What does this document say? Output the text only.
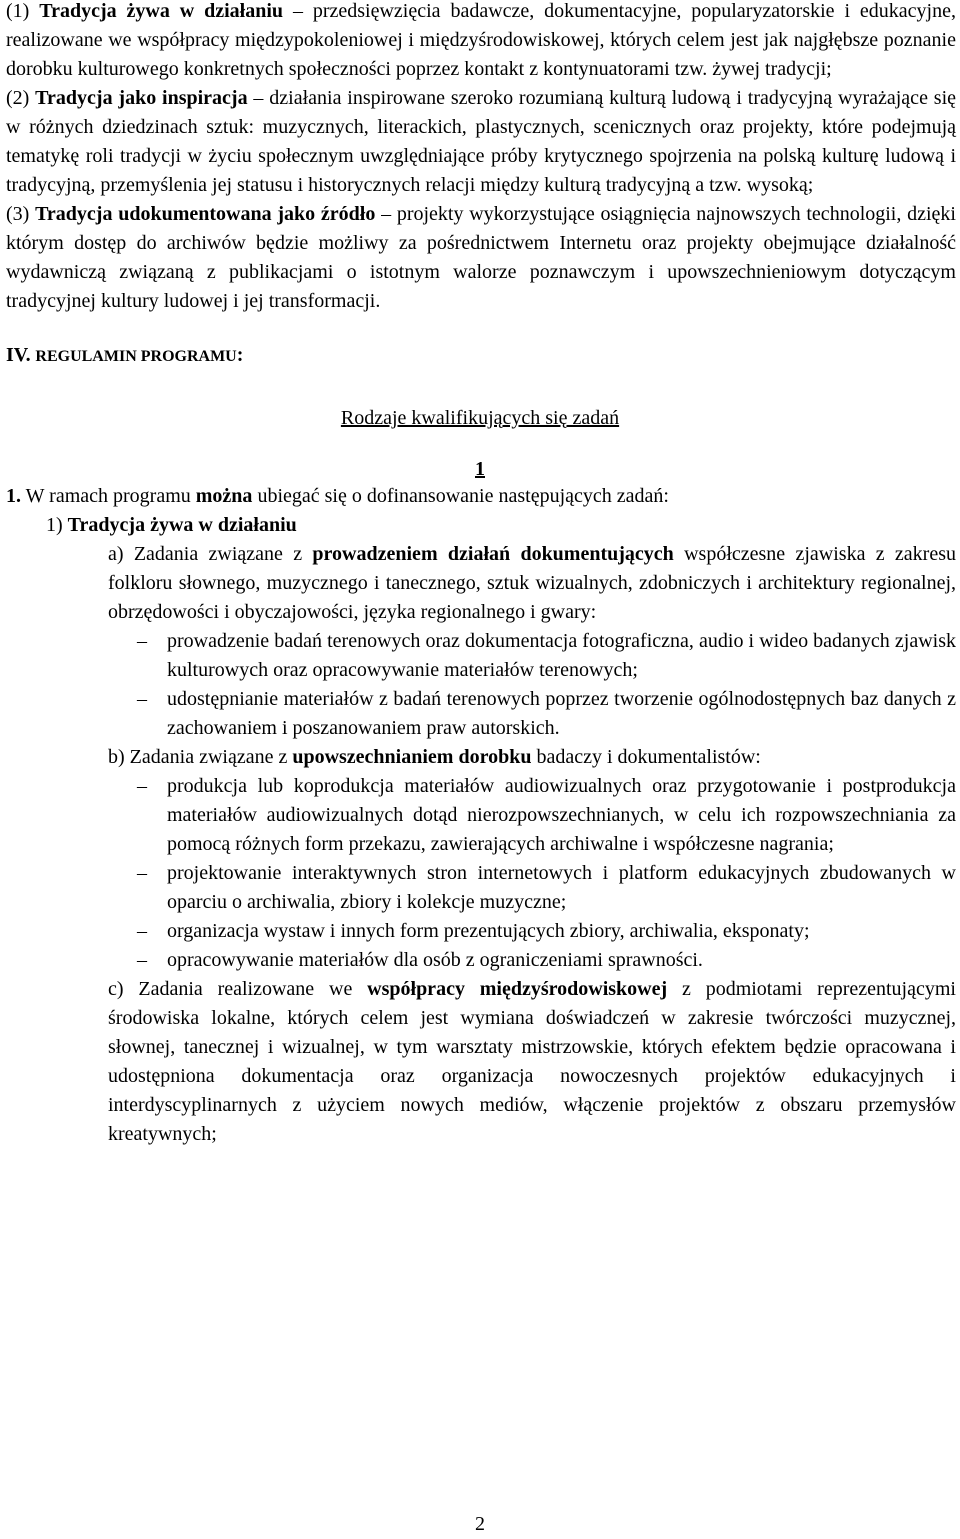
(1) Tradycja żywa w działaniu – przedsięwzięcia badawcze, dokumentacyjne, popularyzatorskie i edukacyjne, realizowane we współpracy międzypokoleniowej i międzyśrodowiskowej, których celem jest jak najgłębsze poznanie dorobku kulturowego konkretnych społeczności poprzez kontakt z kontynuatorami tzw. żywej tradycji;

(2) Tradycja jako inspiracja – działania inspirowane szeroko rozumianą kulturą ludową i tradycyjną wyrażające się w różnych dziedzinach sztuk: muzycznych, literackich, plastycznych, scenicznych oraz projekty, które podejmują tematykę roli tradycji w życiu społecznym uwzględniające próby krytycznego spojrzenia na polską kulturę ludową i tradycyjną, przemyślenia jej statusu i historycznych relacji między kulturą tradycyjną a tzw. wysoką;

(3) Tradycja udokumentowana jako źródło – projekty wykorzystujące osiągnięcia najnowszych technologii, dzięki którym dostęp do archiwów będzie możliwy za pośrednictwem Internetu oraz projekty obejmujące działalność wydawniczą związaną z publikacjami o istotnym walorze poznawczym i upowszechnieniowym dotyczącym tradycyjnej kultury ludowej i jej transformacji.

IV. REGULAMIN PROGRAMU:
Rodzaje kwalifikujących się zadań
1

1. W ramach programu można ubiegać się o dofinansowanie następujących zadań:

1) Tradycja żywa w działaniu

a) Zadania związane z prowadzeniem działań dokumentujących współczesne zjawiska z zakresu folkloru słownego, muzycznego i tanecznego, sztuk wizualnych, zdobniczych i architektury regionalnej, obrzędowości i obyczajowości, języka regionalnego i gwary:

– prowadzenie badań terenowych oraz dokumentacja fotograficzna, audio i wideo badanych zjawisk kulturowych oraz opracowywanie materiałów terenowych;

– udostępnianie materiałów z badań terenowych poprzez tworzenie ogólnodostępnych baz danych z zachowaniem i poszanowaniem praw autorskich.

b) Zadania związane z upowszechnianiem dorobku badaczy i dokumentalistów:

– produkcja lub koprodukcja materiałów audiowizualnych oraz przygotowanie i postprodukcja materiałów audiowizualnych dotąd nierozpowszechnianych, w celu ich rozpowszechniania za pomocą różnych form przekazu, zawierających archiwalne i współczesne nagrania;

– projektowanie interaktywnych stron internetowych i platform edukacyjnych zbudowanych w oparciu o archiwalia, zbiory i kolekcje muzyczne;

– organizacja wystaw i innych form prezentujących zbiory, archiwalia, eksponaty;

– opracowywanie materiałów dla osób z ograniczeniami sprawności.

c) Zadania realizowane we współpracy międzyśrodowiskowej z podmiotami reprezentującymi środowiska lokalne, których celem jest wymiana doświadczeń w zakresie twórczości muzycznej, słownej, tanecznej i wizualnej, w tym warsztaty mistrzowskie, których efektem będzie opracowana i udostępniona dokumentacja oraz organizacja nowoczesnych projektów edukacyjnych i interdyscyplinarnych z użyciem nowych mediów, włączenie projektów z obszaru przemysłów kreatywnych;

2
